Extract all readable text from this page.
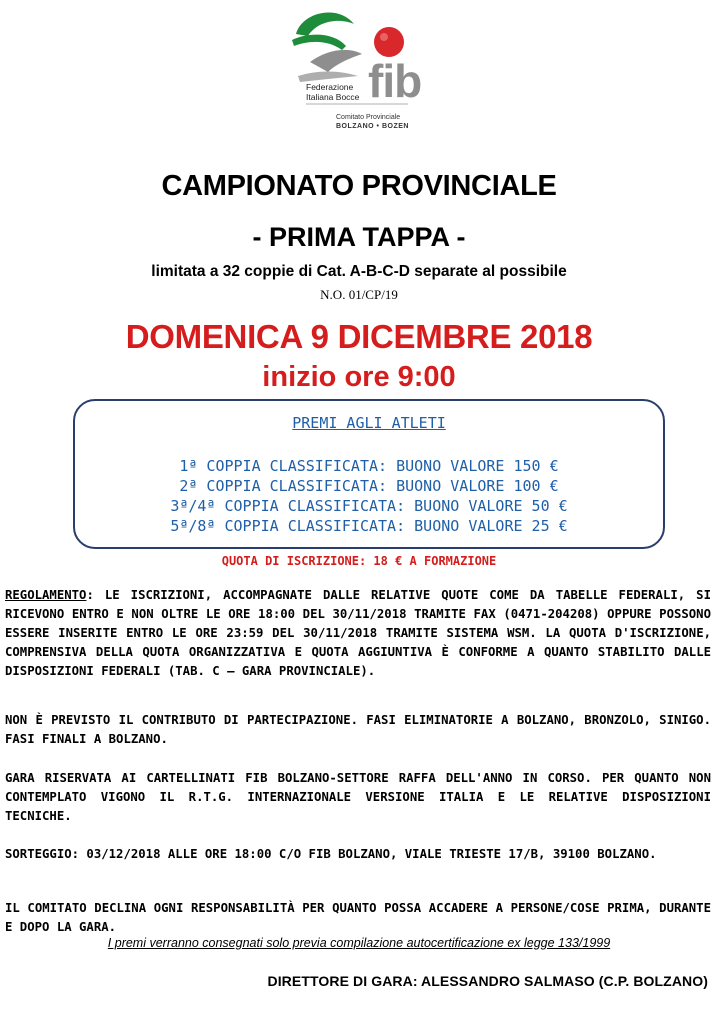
Federazione
Italiana Bocce fib
Comitato Provinciale
BOLZANO • BOZEN
CAMPIONATO PROVINCIALE
- PRIMA TAPPA -
limitata a 32 coppie di Cat. A-B-C-D separate al possibile
N.O. 01/CP/19
DOMENICA 9 DICEMBRE 2018
inizio ore 9:00
PREMI AGLI ATLETI
1ª COPPIA CLASSIFICATA: BUONO VALORE 150 €
2ª COPPIA CLASSIFICATA: BUONO VALORE 100 €
3ª/4ª COPPIA CLASSIFICATA: BUONO VALORE 50 €
5ª/8ª COPPIA CLASSIFICATA: BUONO VALORE 25 €
QUOTA DI ISCRIZIONE: 18 € A FORMAZIONE
REGOLAMENTO: LE ISCRIZIONI, ACCOMPAGNATE DALLE RELATIVE QUOTE COME DA TABELLE FEDERALI, SI RICEVONO ENTRO E NON OLTRE LE ORE 18:00 DEL 30/11/2018 TRAMITE FAX (0471-204208) OPPURE POSSONO ESSERE INSERITE ENTRO LE ORE 23:59 DEL 30/11/2018 TRAMITE SISTEMA WSM. LA QUOTA D'ISCRIZIONE, COMPRENSIVA DELLA QUOTA ORGANIZZATIVA E QUOTA AGGIUNTIVA È CONFORME A QUANTO STABILITO DALLE DISPOSIZIONI FEDERALI (TAB. C – GARA PROVINCIALE).
NON È PREVISTO IL CONTRIBUTO DI PARTECIPAZIONE. FASI ELIMINATORIE A BOLZANO, BRONZOLO, SINIGO. FASI FINALI A BOLZANO.
GARA RISERVATA AI CARTELLINATI FIB BOLZANO-SETTORE RAFFA DELL'ANNO IN CORSO. PER QUANTO NON CONTEMPLATO VIGONO IL R.T.G. INTERNAZIONALE VERSIONE ITALIA E LE RELATIVE DISPOSIZIONI TECNICHE.
SORTEGGIO: 03/12/2018 ALLE ORE 18:00 C/O FIB BOLZANO, VIALE TRIESTE 17/B, 39100 BOLZANO.
IL COMITATO DECLINA OGNI RESPONSABILITÀ PER QUANTO POSSA ACCADERE A PERSONE/COSE PRIMA, DURANTE E DOPO LA GARA.
I premi verranno consegnati solo previa compilazione autocertificazione ex legge 133/1999
DIRETTORE DI GARA: ALESSANDRO SALMASO (C.P. BOLZANO)
